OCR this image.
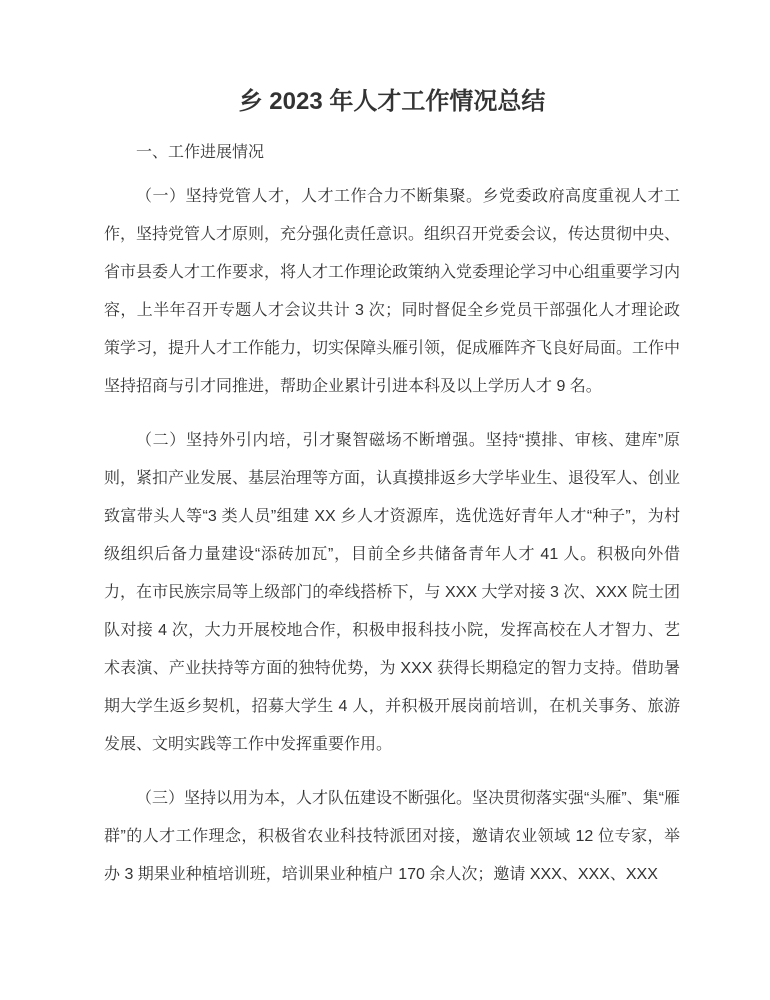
乡 2023 年人才工作情况总结
一、工作进展情况

（一）坚持党管人才，人才工作合力不断集聚。乡党委政府高度重视人才工作，坚持党管人才原则，充分强化责任意识。组织召开党委会议，传达贯彻中央、省市县委人才工作要求，将人才工作理论政策纳入党委理论学习中心组重要学习内容，上半年召开专题人才会议共计 3 次；同时督促全乡党员干部强化人才理论政策学习，提升人才工作能力，切实保障头雁引领，促成雁阵齐飞良好局面。工作中坚持招商与引才同推进，帮助企业累计引进本科及以上学历人才 9 名。

（二）坚持外引内培，引才聚智磁场不断增强。坚持“摸排、审核、建库”原则，紧扣产业发展、基层治理等方面，认真摸排返乡大学毕业生、退役军人、创业致富带头人等“3 类人员”组建 XX 乡人才资源库，选优选好青年人才“种子”，为村级组织后备力量建设“添砖加瓦”，目前全乡共储备青年人才 41 人。积极向外借力，在市民族宗局等上级部门的牵线搭桥下，与 XXX 大学对接 3 次、XXX 院士团队对接 4 次，大力开展校地合作，积极申报科技小院，发挥高校在人才智力、艺术表演、产业扶持等方面的独特优势，为 XXX 获得长期稳定的智力支持。借助暑期大学生返乡契机，招募大学生 4 人，并积极开展岗前培训，在机关事务、旅游发展、文明实践等工作中发挥重要作用。

（三）坚持以用为本，人才队伍建设不断强化。坚决贯彻落实强“头雁”、集“雁群”的人才工作理念，积极省农业科技特派团对接，邀请农业领域 12 位专家，举办 3 期果业种植培训班，培训果业种植户 170 余人次；邀请 XXX、XXX、XXX
